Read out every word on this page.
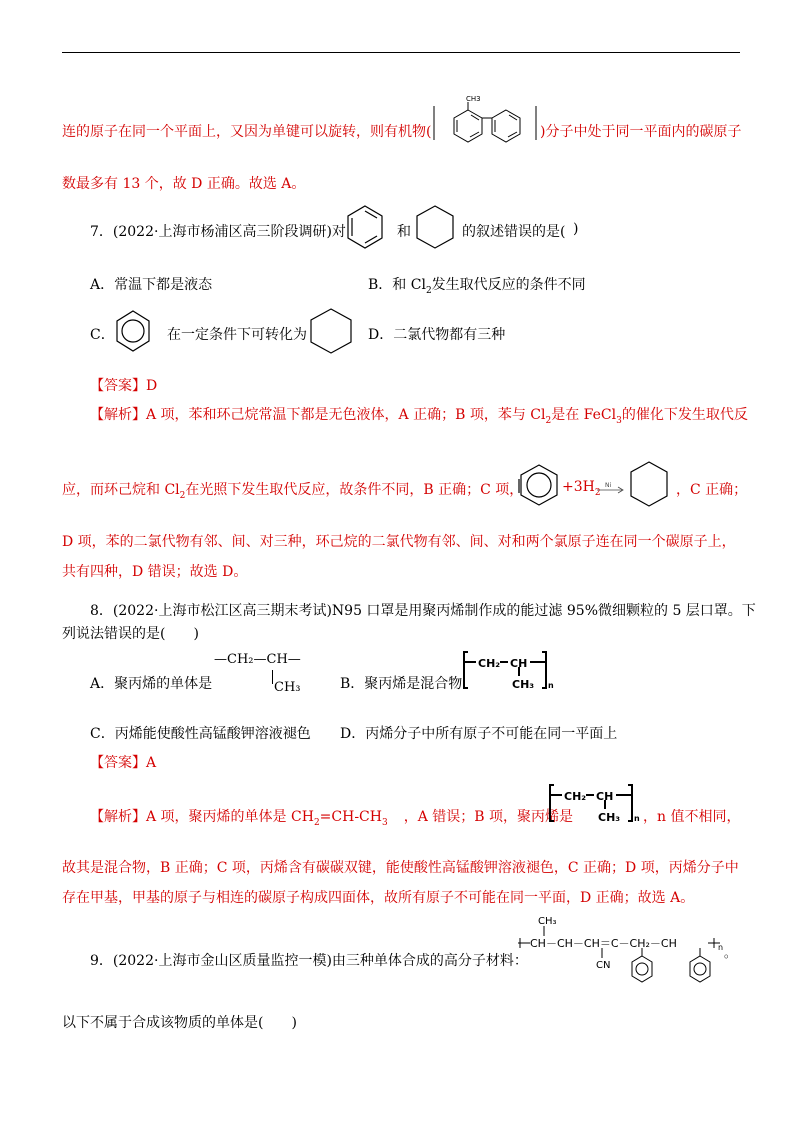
连的原子在同一个平面上，又因为单键可以旋转，则有机物(
CH3
)分子中处于同一平面内的碳原子
数最多有 13 个，故 D 正确。故选 A。
7．(2022·上海市杨浦区高三阶段调研)对	和	的叙述错误的是( )
A．常温下都是液态	B．和 $Cl_2$发生取代反应的条件不同
C．	在一定条件下可转化为	D．二氯代物都有三种
【答案】D
【解析】A 项，苯和环己烷常温下都是无色液体，A 正确；B 项，苯与 $Cl_2$是在 FeCl$_3$的催化下发生取代反
应，而环己烷和 $Cl_2$在光照下发生取代反应，故条件不同，B 正确；C 项，	$+3H_2$
Ni	，C 正确；
D 项，苯的二氯代物有邻、间、对三种，环己烷的二氯代物有邻、间、对和两个氯原子连在同一个碳原子上，
共有四种，D 错误；故选 D。
8．(2022·上海市松江区高三期末考试)N95 口罩是用聚丙烯制作成的能过滤 95%微细颗粒的 5 层口罩。下
列说法错误的是( )
A．聚丙烯的单体是
—CH₂—CH—
CH₃	B．聚丙烯是混合物
CH₂ CH
CH₃ n
C．丙烯能使酸性高锰酸钾溶液褪色 D．丙烯分子中所有原子不可能在同一平面上
【答案】A
【解析】A 项，聚丙烯的单体是 $CH_2=CH-CH_3$ ，A 错误；B 项，聚丙烯是
CH₂ CH
CH₃ n ，n 值不相同，
故其是混合物，B 正确；C 项，丙烯含有碳碳双键，能使酸性高锰酸钾溶液褪色，C 正确；D 项，丙烯分子中
存在甲基，甲基的原子与相连的碳原子构成四面体，故所有原子不可能在同一平面，D 正确；故选 A。
9．(2022·上海市金山区质量监控一模)由三种单体合成的高分子材料：
CH₃
CH－CH－CH＝C－CH₂－CH
CN
n 。
以下不属于合成该物质的单体是( )
